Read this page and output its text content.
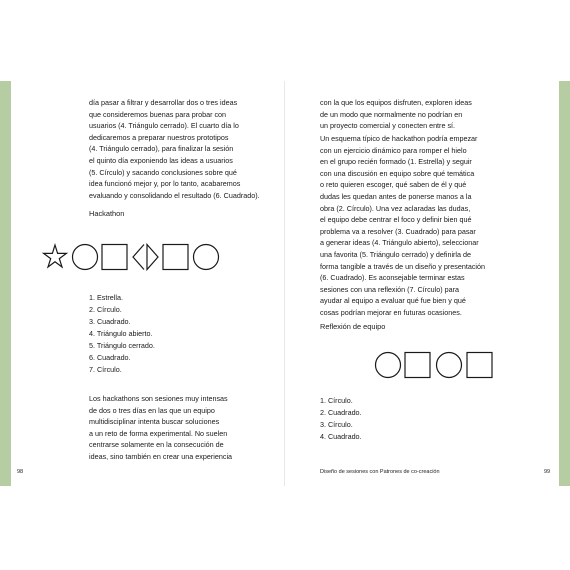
día pasar a filtrar y desarrollar dos o tres ideas

que consideremos buenas para probar con

usuarios (4. Triángulo cerrado). El cuarto día lo

dedicaremos a preparar nuestros prototipos

(4. Triángulo cerrado), para finalizar la sesión

el quinto día exponiendo las ideas a usuarios

(5. Círculo) y sacando conclusiones sobre qué

idea funcionó mejor y, por lo tanto, acabaremos

evaluando y consolidando el resultado (6. Cuadrado).

Hackathon
1. Estrella.
2. Círculo.
3. Cuadrado.
4. Triángulo abierto.
5. Triángulo cerrado.
6. Cuadrado.
7. Círculo.

Los hackathons son sesiones muy intensas

de dos o tres días en las que un equipo

multidisciplinar intenta buscar soluciones

a un reto de forma experimental. No suelen

centrarse solamente en la consecución de

ideas, sino también en crear una experiencia

98

con la que los equipos disfruten, exploren ideas

de un modo que normalmente no podrían en

un proyecto comercial y conecten entre sí.

Un esquema típico de hackathon podría empezar

con un ejercicio dinámico para romper el hielo

en el grupo recién formado (1. Estrella) y seguir

con una discusión en equipo sobre qué temática

o reto quieren escoger, qué saben de él y qué

dudas les quedan antes de ponerse manos a la

obra (2. Círculo). Una vez aclaradas las dudas,

el equipo debe centrar el foco y definir bien qué

problema va a resolver (3. Cuadrado) para pasar

a generar ideas (4. Triángulo abierto), seleccionar

una favorita (5. Triángulo cerrado) y definirla de

forma tangible a través de un diseño y presentación

(6. Cuadrado). Es aconsejable terminar estas

sesiones con una reflexión (7. Círculo) para

ayudar al equipo a evaluar qué fue bien y qué

cosas podrían mejorar en futuras ocasiones.

Reflexión de equipo
1. Círculo.
2. Cuadrado.
3. Círculo.
4. Cuadrado.
Diseño de sesiones con Patrones de co-creación	99
